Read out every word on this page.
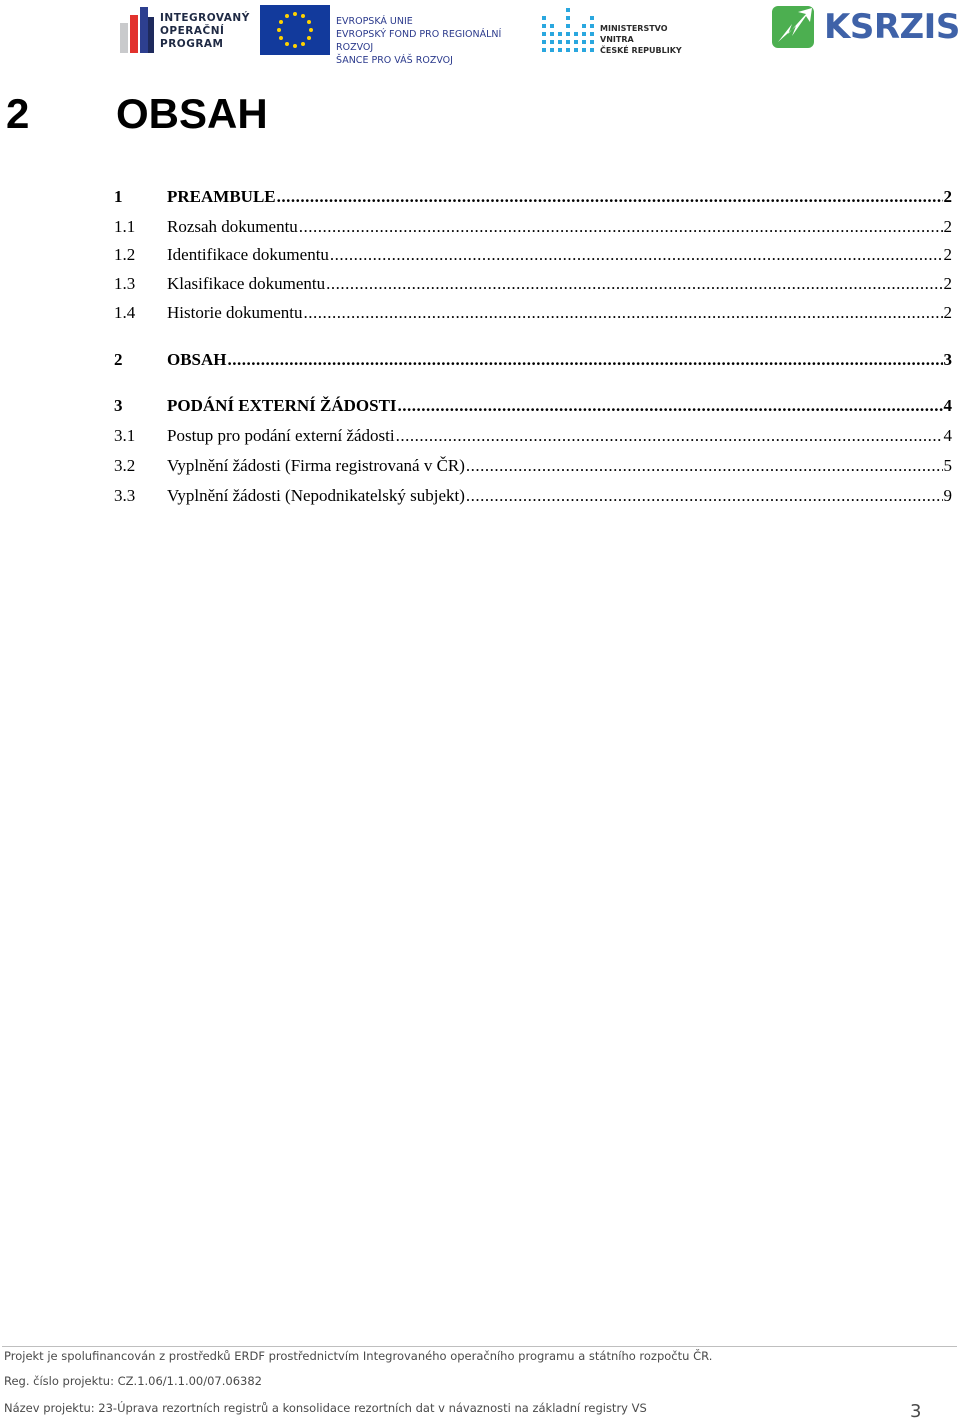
INTEGROVANÝ
OPERAČNÍ
PROGRAM
EVROPSKÁ UNIE
EVROPSKÝ FOND PRO REGIONÁLNÍ ROZVOJ
ŠANCE PRO VÁŠ ROZVOJ
MINISTERSTVO VNITRA
ČESKÉ REPUBLIKY
KSRZIS
2 OBSAH
1	PREAMBULE .....	2
1.1	Rozsah dokumentu .....	2
1.2	Identifikace dokumentu .....	2
1.3	Klasifikace dokumentu .....	2
1.4	Historie dokumentu .....	2
2	OBSAH .....	3
3	PODÁNÍ EXTERNÍ ŽÁDOSTI .....	4
3.1	Postup pro podání externí žádosti .....	4
3.2	Vyplnění žádosti (Firma registrovaná v ČR) .....	5
3.3	Vyplnění žádosti (Nepodnikatelský subjekt) .....	9
Projekt je spolufinancován z prostředků ERDF prostřednictvím Integrovaného operačního programu a státního rozpočtu ČR.
Reg. číslo projektu: CZ.1.06/1.1.00/07.06382
Název projektu: 23-Úprava rezortních registrů a konsolidace rezortních dat v návaznosti na základní registry VS	3
